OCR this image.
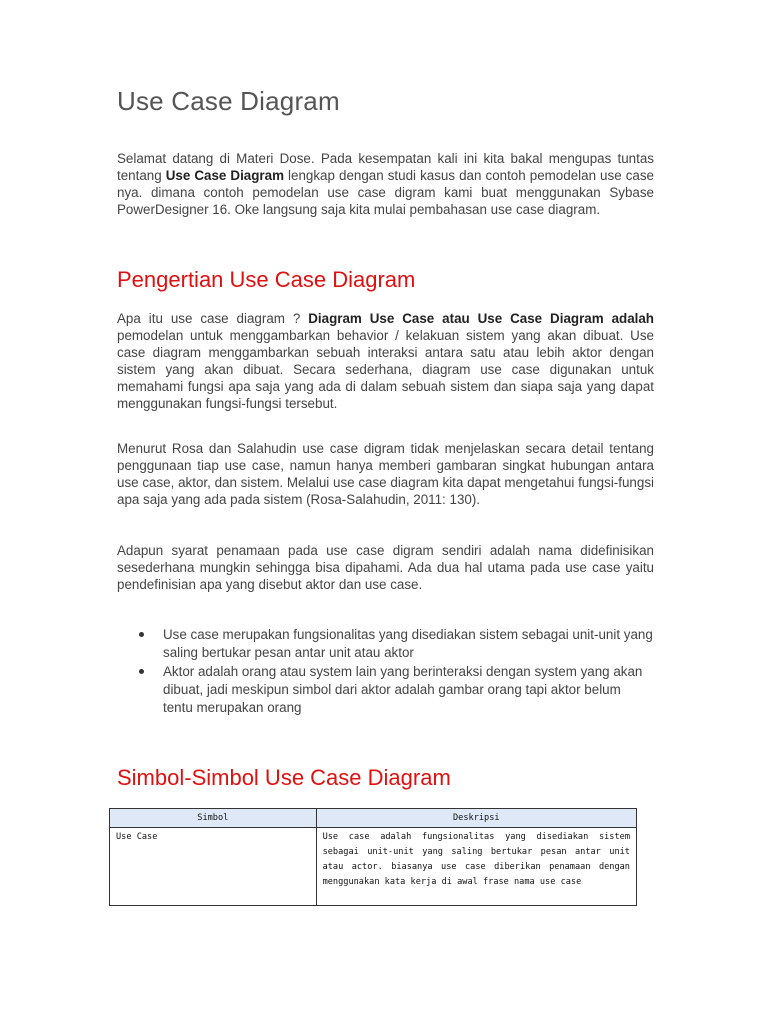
Use Case Diagram

Selamat datang di Materi Dose. Pada kesempatan kali ini kita bakal mengupas tuntas tentang Use Case Diagram lengkap dengan studi kasus dan contoh pemodelan use case nya. dimana contoh pemodelan use case digram kami buat menggunakan Sybase PowerDesigner 16. Oke langsung saja kita mulai pembahasan use case diagram.

Pengertian Use Case Diagram

Apa itu use case diagram ? Diagram Use Case atau Use Case Diagram adalah pemodelan untuk menggambarkan behavior / kelakuan sistem yang akan dibuat. Use case diagram menggambarkan sebuah interaksi antara satu atau lebih aktor dengan sistem yang akan dibuat. Secara sederhana, diagram use case digunakan untuk memahami fungsi apa saja yang ada di dalam sebuah sistem dan siapa saja yang dapat menggunakan fungsi-fungsi tersebut.

Menurut Rosa dan Salahudin use case digram tidak menjelaskan secara detail tentang penggunaan tiap use case, namun hanya memberi gambaran singkat hubungan antara use case, aktor, dan sistem. Melalui use case diagram kita dapat mengetahui fungsi-fungsi apa saja yang ada pada sistem (Rosa-Salahudin, 2011: 130).

Adapun syarat penamaan pada use case digram sendiri adalah nama didefinisikan sesederhana mungkin sehingga bisa dipahami. Ada dua hal utama pada use case yaitu pendefinisian apa yang disebut aktor dan use case.

Use case merupakan fungsionalitas yang disediakan sistem sebagai unit-unit yang saling bertukar pesan antar unit atau aktor
Aktor adalah orang atau system lain yang berinteraksi dengan system yang akan dibuat, jadi meskipun simbol dari aktor adalah gambar orang tapi aktor belum tentu merupakan orang
Simbol-Simbol Use Case Diagram
Simbol	Deskripsi
Use Case	Use case adalah fungsionalitas yang disediakan sistem sebagai unit-unit yang saling bertukar pesan antar unit atau actor. biasanya use case diberikan penamaan dengan menggunakan kata kerja di awal frase nama use case
